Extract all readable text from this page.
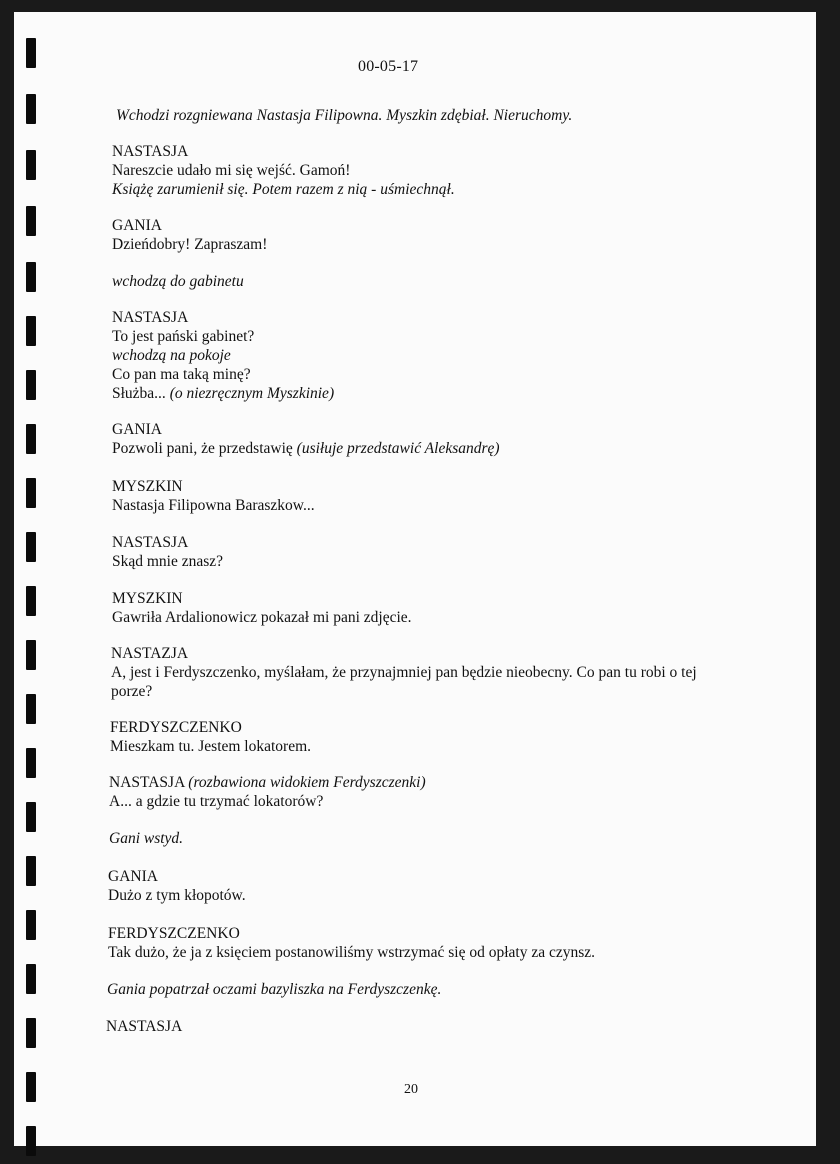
00-05-17
Wchodzi rozgniewana Nastasja Filipowna. Myszkin zdębiał. Nieruchomy.
NASTASJA
Nareszcie udało mi się wejść. Gamoń!
Książę zarumienił się. Potem razem z nią - uśmiechnął.
GANIA
Dzieńdobry! Zapraszam!
wchodzą do gabinetu
NASTASJA
To jest pański gabinet?
wchodzą na pokoje
Co pan ma taką minę?
Służba... (o niezręcznym Myszkinie)
GANIA
Pozwoli pani, że przedstawię (usiłuje przedstawić Aleksandrę)
MYSZKIN
Nastasja Filipowna Baraszkow...
NASTASJA
Skąd mnie znasz?
MYSZKIN
Gawriła Ardalionowicz pokazał mi pani zdjęcie.
NASTAZJA
A, jest i Ferdyszczenko, myślałam, że przynajmniej pan będzie nieobecny. Co pan tu robi o tej porze?
FERDYSZCZENKO
Mieszkam tu. Jestem lokatorem.
NASTASJA (rozbawiona widokiem Ferdyszczenki)
A... a gdzie tu trzymać lokatorów?
Gani wstyd.
GANIA
Dużo z tym kłopotów.
FERDYSZCZENKO
Tak dużo, że ja z księciem postanowiliśmy wstrzymać się od opłaty za czynsz.
Gania popatrzał oczami bazyliszka na Ferdyszczenkę.
NASTASJA
20
